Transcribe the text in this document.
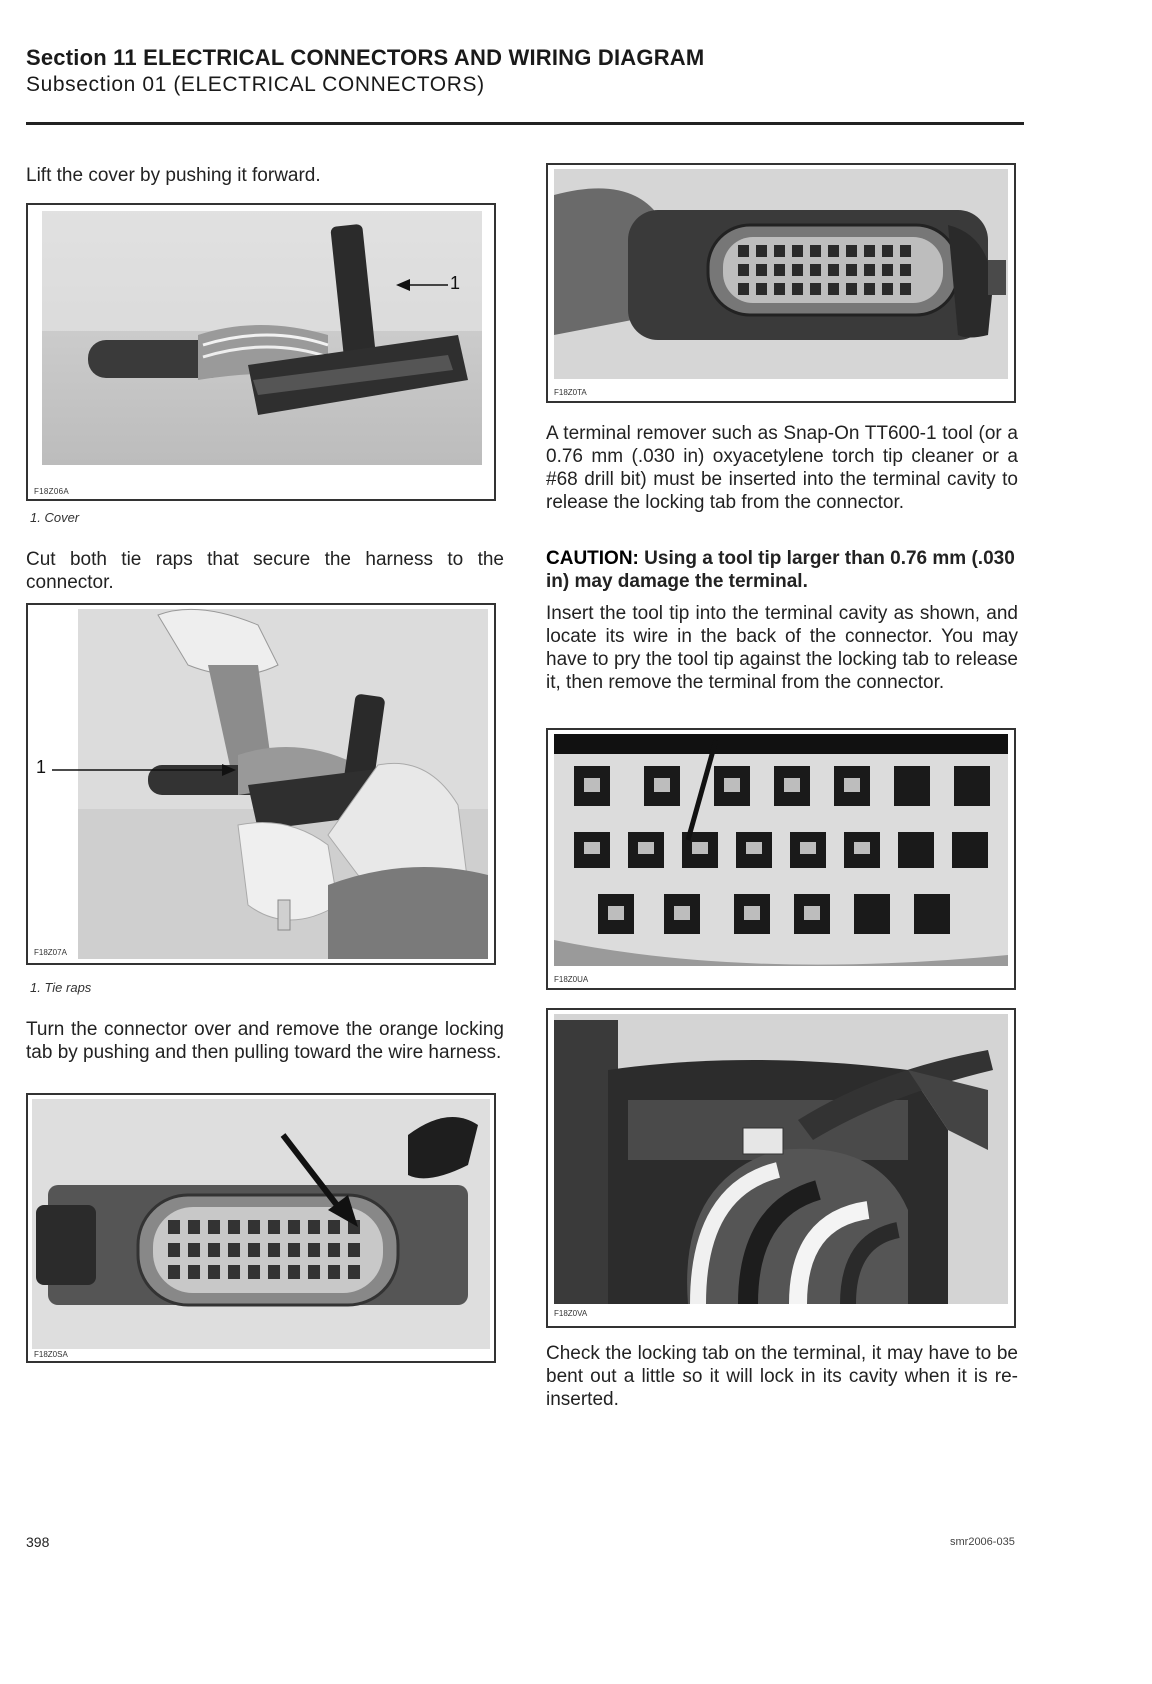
Section 11 ELECTRICAL CONNECTORS AND WIRING DIAGRAM
Subsection 01 (ELECTRICAL CONNECTORS)
Lift the cover by pushing it forward.
F18Z06A
1
1. Cover
Cut both tie raps that secure the harness to the connector.
F18Z07A
1
1. Tie raps
Turn the connector over and remove the orange locking tab by pushing and then pulling toward the wire harness.
F18Z0SA
F18Z0TA
A terminal remover such as Snap-On TT600-1 tool (or a 0.76 mm (.030 in) oxyacetylene torch tip cleaner or a #68 drill bit) must be inserted into the terminal cavity to release the locking tab from the connector.
CAUTION: Using a tool tip larger than 0.76 mm (.030 in) may damage the terminal.
Insert the tool tip into the terminal cavity as shown, and locate its wire in the back of the connector. You may have to pry the tool tip against the locking tab to release it, then remove the terminal from the connector.
F18Z0UA
F18Z0VA
Check the locking tab on the terminal, it may have to be bent out a little so it will lock in its cavity when it is re-inserted.
398	smr2006-035
